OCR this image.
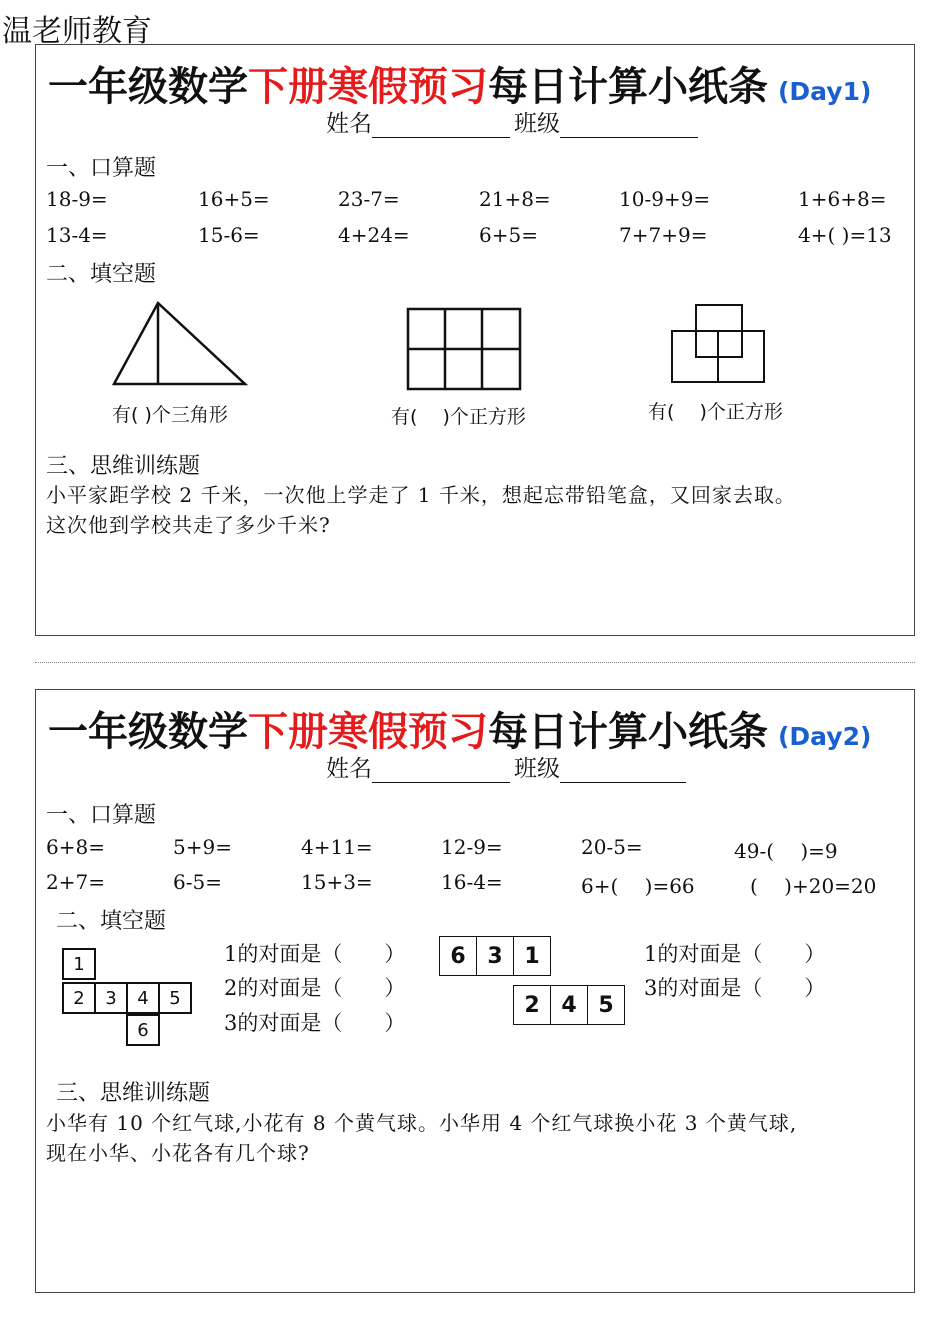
温老师教育
一年级数学下册寒假预习每日计算小纸条 (Day1)
姓名	班级
一、口算题
18-9=	16+5=	23-7=	21+8=	10-9+9=	1+6+8=
13-4=	15-6=	4+24=	6+5=	7+7+9=	4+( )=13
二、填空题
有( )个三角形	有(　 )个正方形	有(　 )个正方形
三、思维训练题
小平家距学校 2 千米，一次他上学走了 1 千米，想起忘带铅笔盒，又回家去取。
这次他到学校共走了多少千米?
一年级数学下册寒假预习每日计算小纸条 (Day2)
姓名	班级
一、口算题
6+8=	5+9=	4+11=	12-9=	20-5=	49-(　 )=9
2+7=	6-5=	15+3=	16-4=	6+(　 )=66	(　 )+20=20
二、填空题
1
2	3	4	5
6
1的对面是（　　）
2的对面是（　　）
3的对面是（　　）
6 3 1
2 4 5
1的对面是（　　）
3的对面是（　　）
三、思维训练题
小华有 10 个红气球,小花有 8 个黄气球。小华用 4 个红气球换小花 3 个黄气球,
现在小华、小花各有几个球?
